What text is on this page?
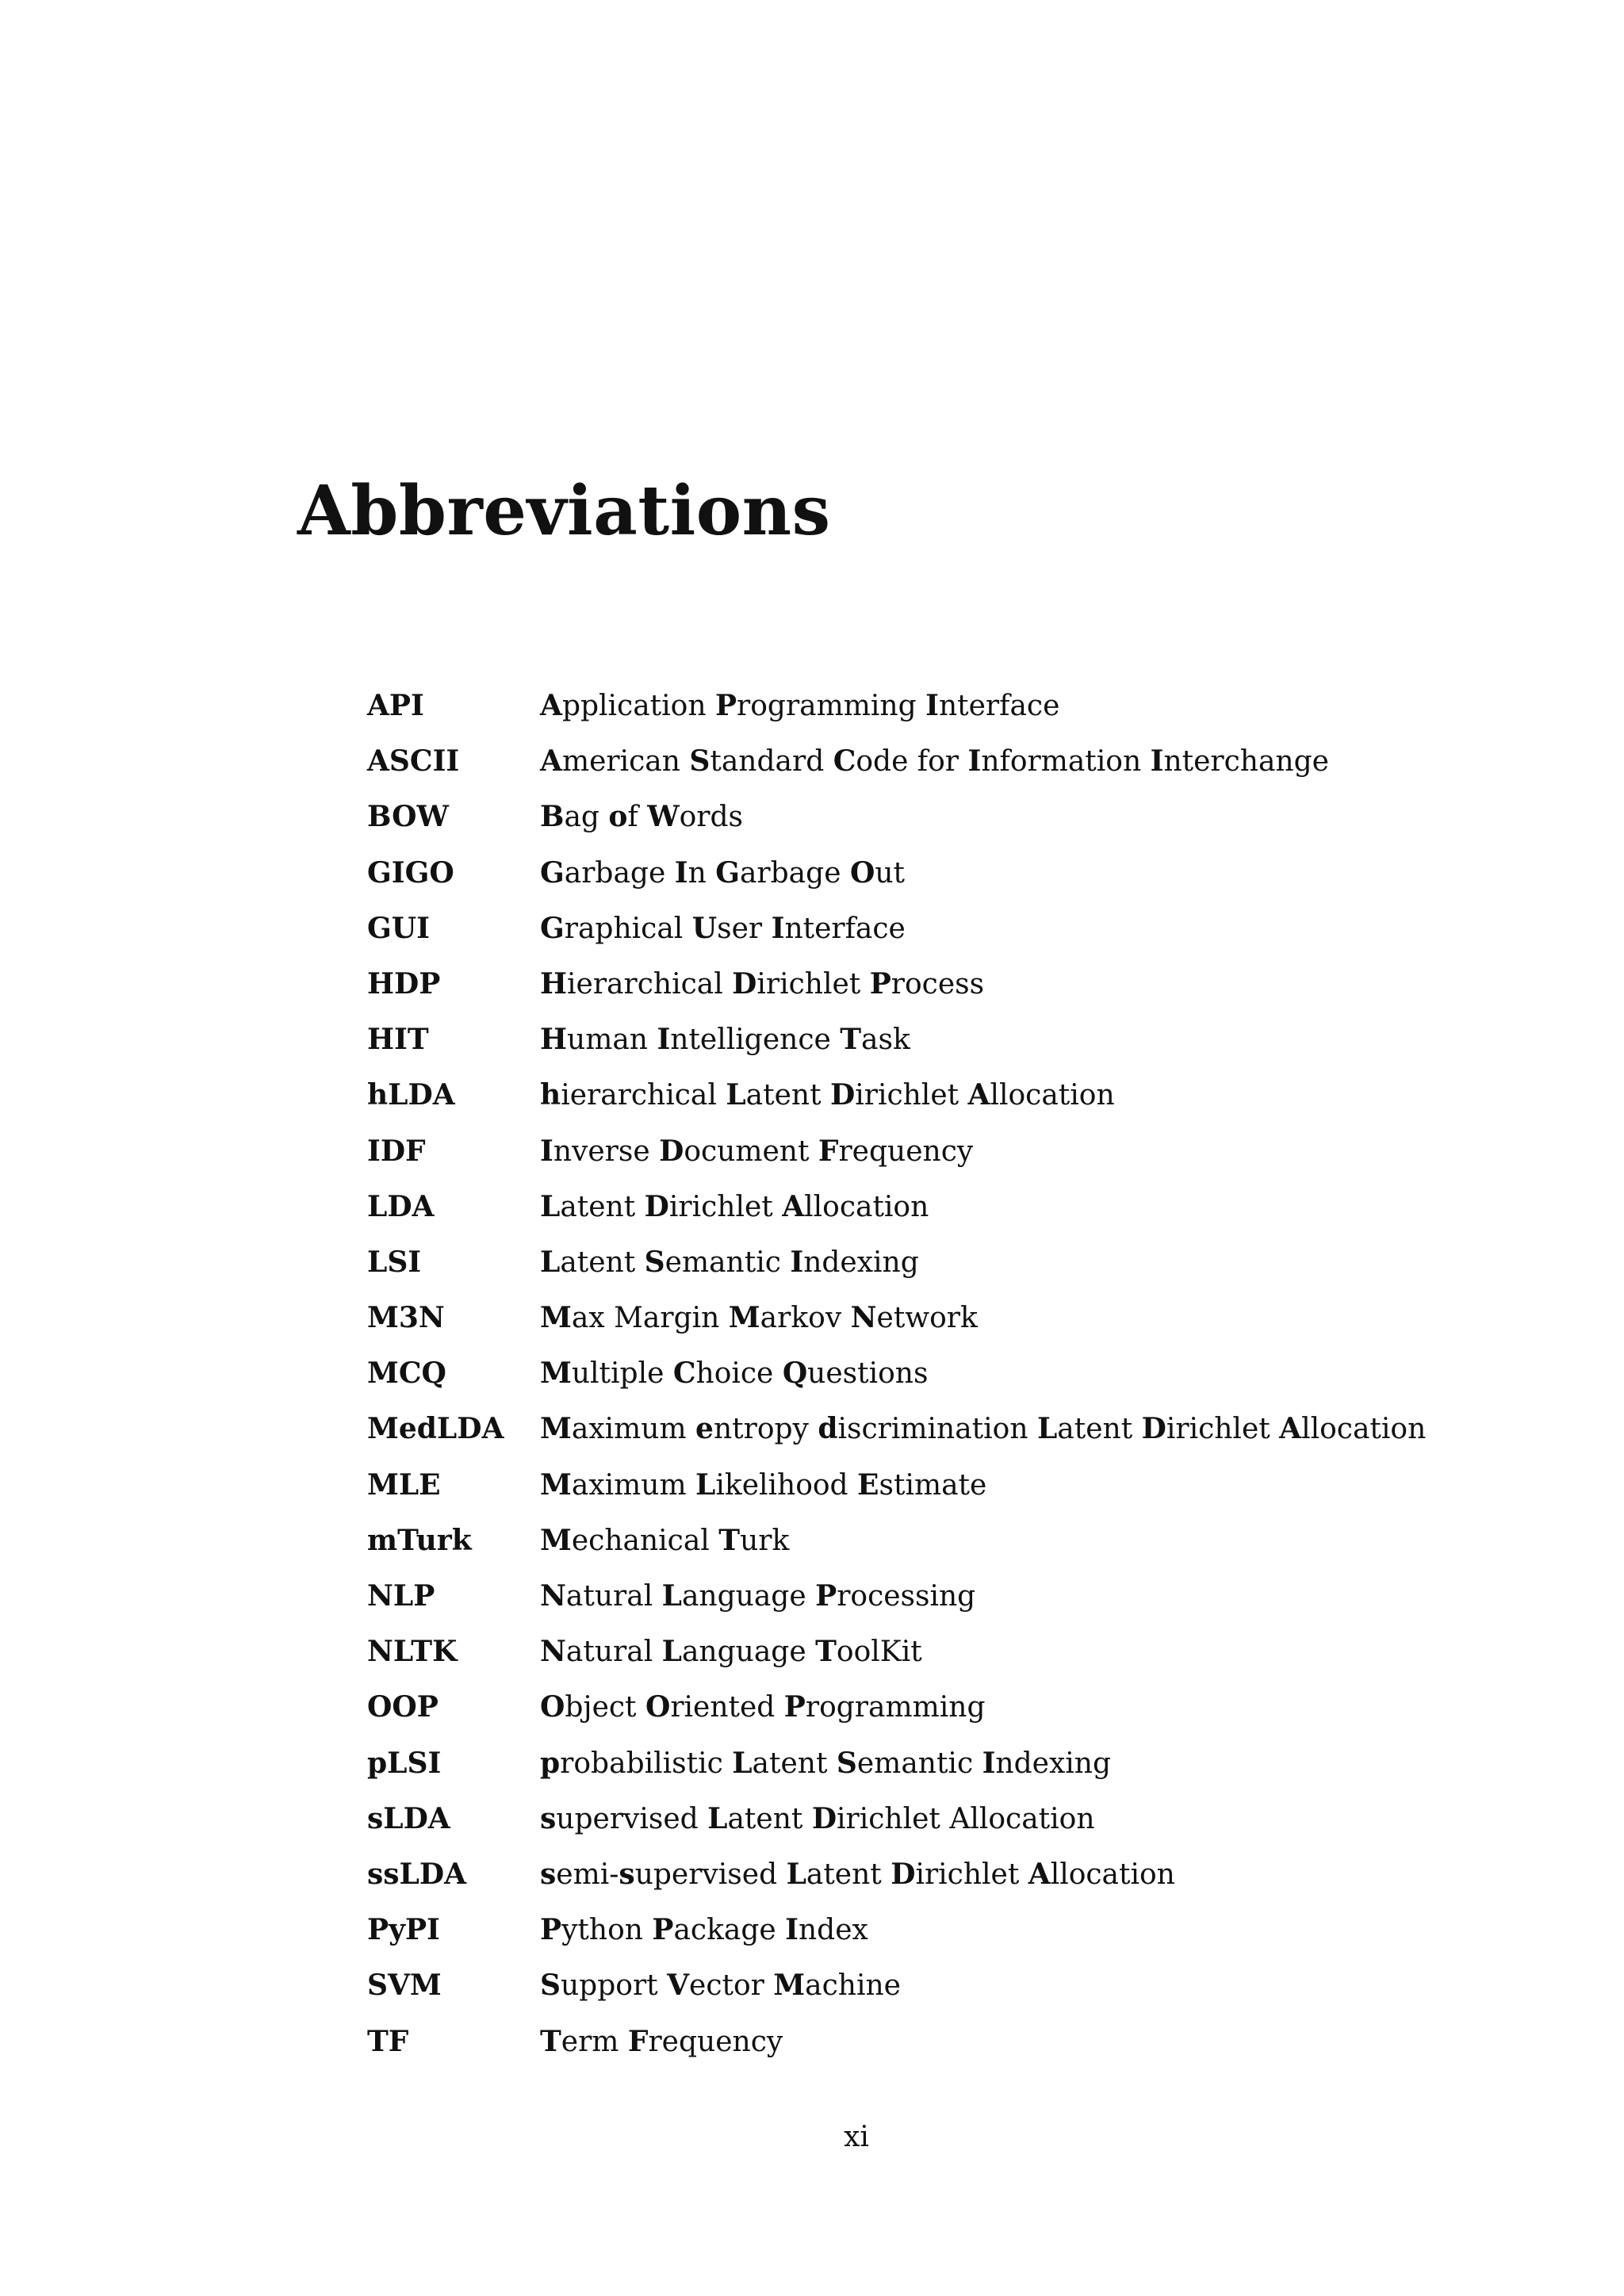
Abbreviations
API	Application Programming Interface
ASCII	American Standard Code for Information Interchange
BOW	Bag of Words
GIGO	Garbage In Garbage Out
GUI	Graphical User Interface
HDP	Hierarchical Dirichlet Process
HIT	Human Intelligence Task
hLDA	hierarchical Latent Dirichlet Allocation
IDF	Inverse Document Frequency
LDA	Latent Dirichlet Allocation
LSI	Latent Semantic Indexing
M3N	Max Margin Markov Network
MCQ	Multiple Choice Questions
MedLDA	Maximum entropy discrimination Latent Dirichlet Allocation
MLE	Maximum Likelihood Estimate
mTurk	Mechanical Turk
NLP	Natural Language Processing
NLTK	Natural Language ToolKit
OOP	Object Oriented Programming
pLSI	probabilistic Latent Semantic Indexing
sLDA	supervised Latent Dirichlet Allocation
ssLDA	semi-supervised Latent Dirichlet Allocation
PyPI	Python Package Index
SVM	Support Vector Machine
TF	Term Frequency
xi
